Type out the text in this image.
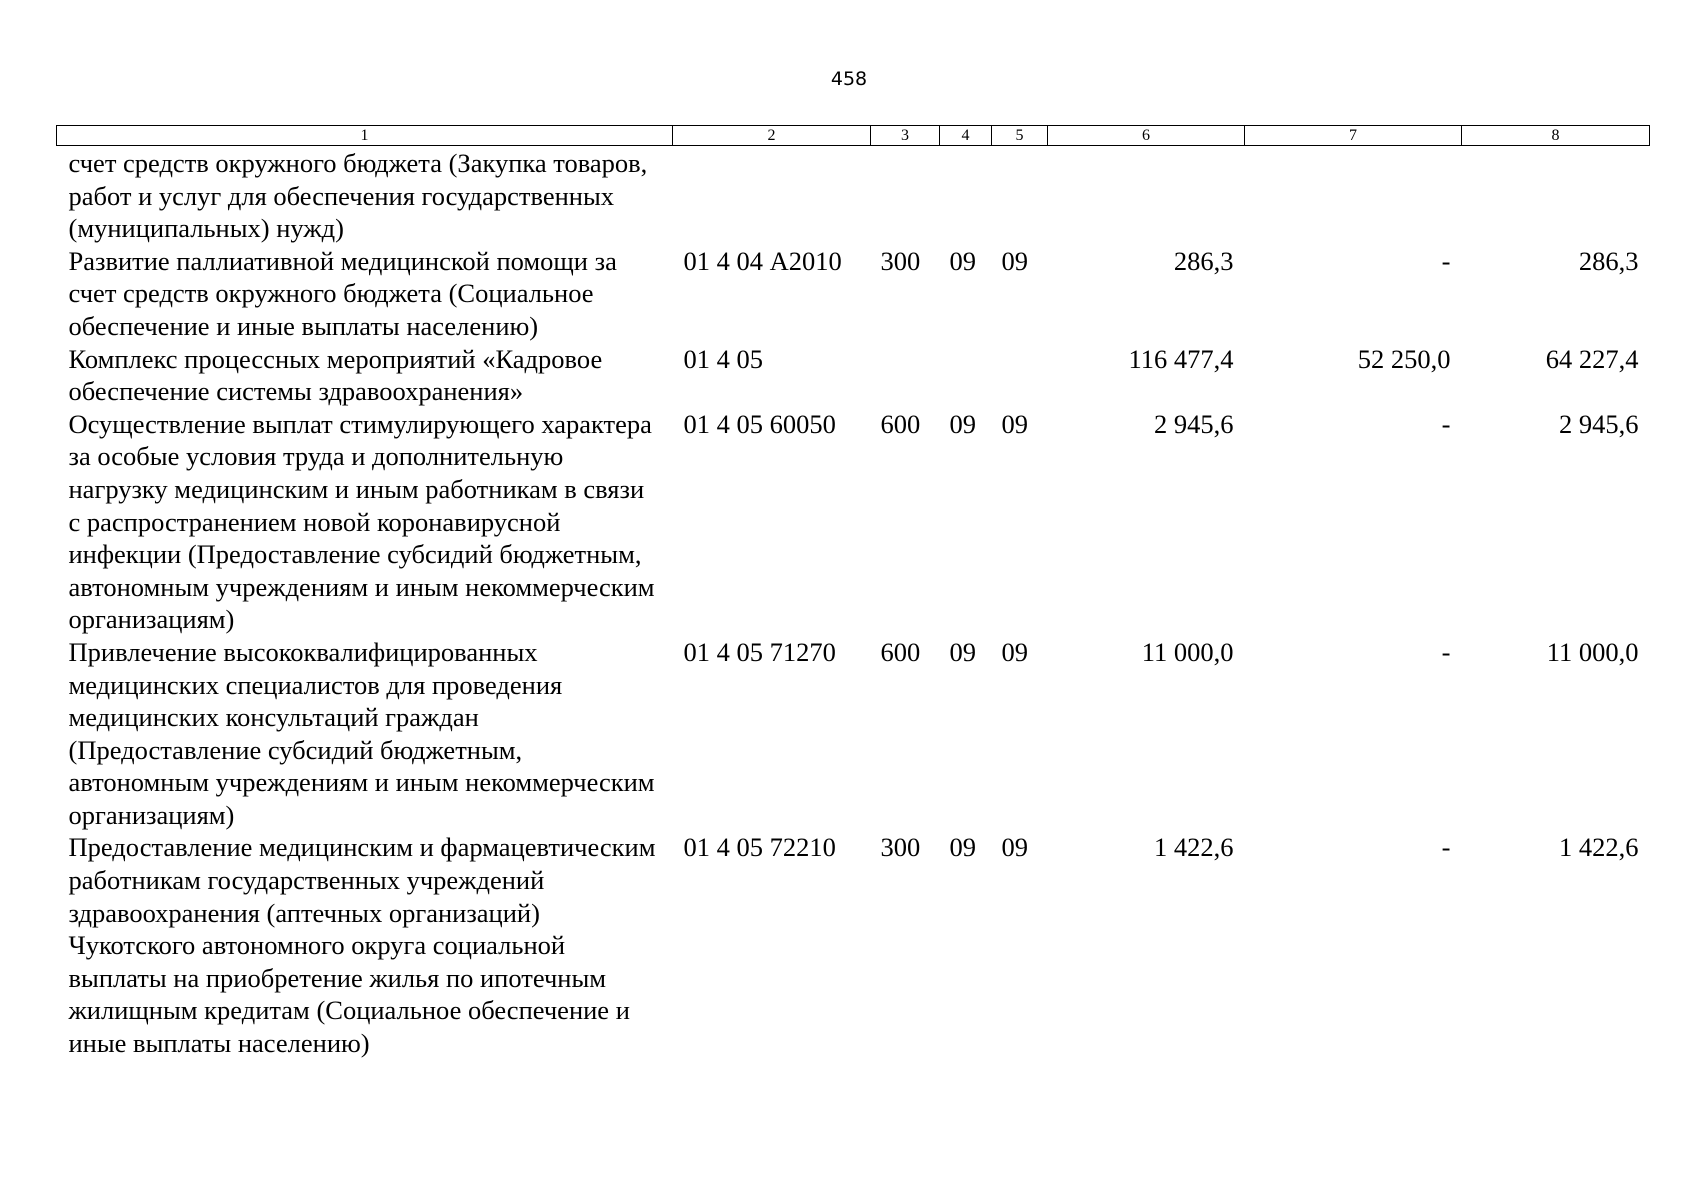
458
1	2	3	4	5	6	7	8
счет средств окружного бюджета (Закупка товаров, работ и услуг для обеспечения государственных (муниципальных) нужд)							
Развитие паллиативной медицинской помощи за счет средств окружного бюджета (Социальное обеспечение и иные выплаты населению)	01 4 04 А2010	300	09	09	286,3	-	286,3
Комплекс процессных мероприятий «Кадровое обеспечение системы здравоохранения»	01 4 05				116 477,4	52 250,0	64 227,4
Осуществление выплат стимулирующего характера за особые условия труда и дополнительную нагрузку медицинским и иным работникам в связи с распространением новой коронавирусной инфекции (Предоставление субсидий бюджетным, автономным учреждениям и иным некоммерческим организациям)	01 4 05 60050	600	09	09	2 945,6	-	2 945,6
Привлечение высококвалифицированных медицинских специалистов для проведения медицинских консультаций граждан (Предоставление субсидий бюджетным, автономным учреждениям и иным некоммерческим организациям)	01 4 05 71270	600	09	09	11 000,0	-	11 000,0
Предоставление медицинским и фармацевтическим работникам государственных учреждений здравоохранения (аптечных организаций) Чукотского автономного округа социальной выплаты на приобретение жилья по ипотечным жилищным кредитам (Социальное обеспечение и иные выплаты населению)	01 4 05 72210	300	09	09	1 422,6	-	1 422,6
